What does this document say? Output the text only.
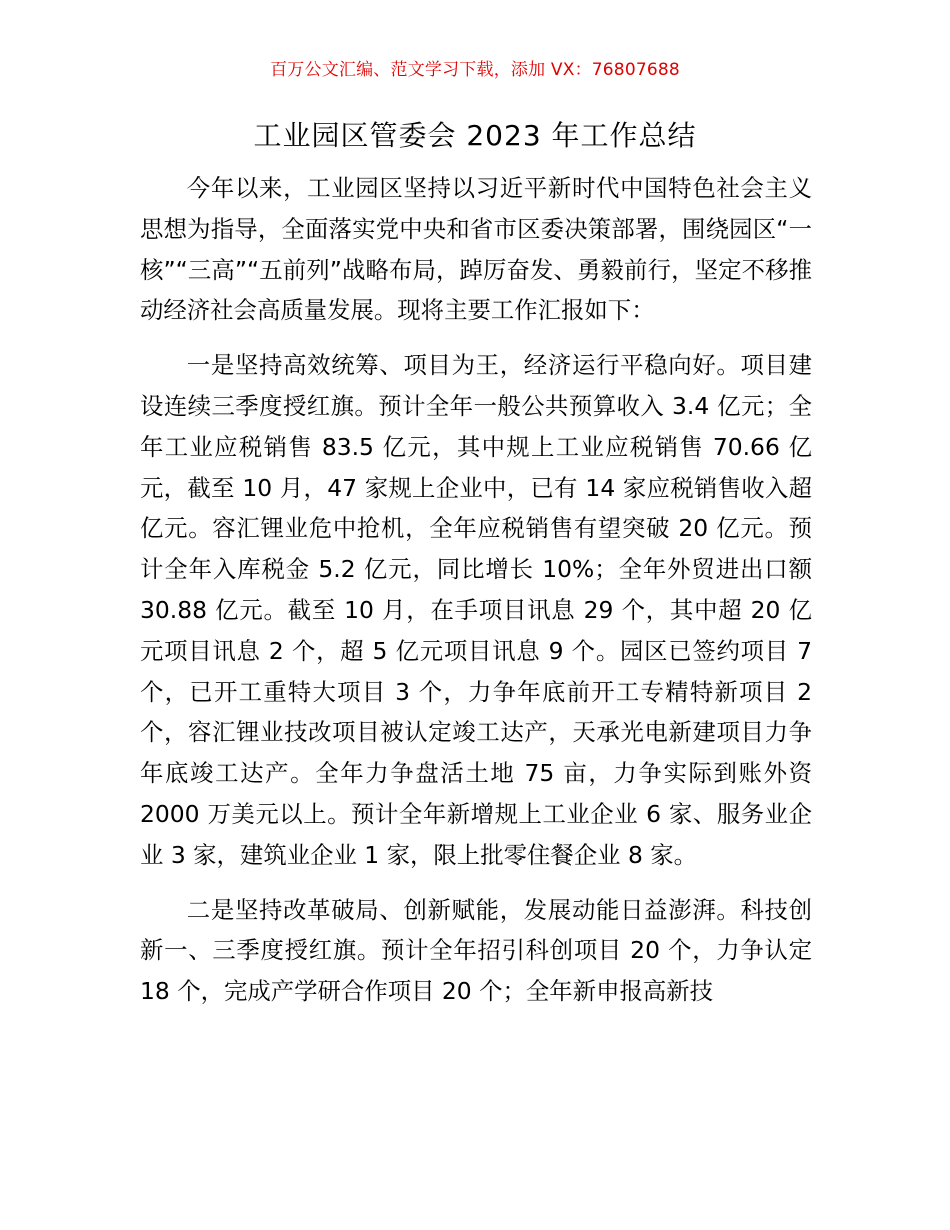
百万公文汇编、范文学习下载，添加 VX：76807688
工业园区管委会 2023 年工作总结

今年以来，工业园区坚持以习近平新时代中国特色社会主义思想为指导，全面落实党中央和省市区委决策部署，围绕园区“一核”“三高”“五前列”战略布局，踔厉奋发、勇毅前行，坚定不移推动经济社会高质量发展。现将主要工作汇报如下：

一是坚持高效统筹、项目为王，经济运行平稳向好。项目建设连续三季度授红旗。预计全年一般公共预算收入 3.4 亿元；全年工业应税销售 83.5 亿元，其中规上工业应税销售 70.66 亿元，截至 10 月，47 家规上企业中，已有 14 家应税销售收入超亿元。容汇锂业危中抢机，全年应税销售有望突破 20 亿元。预计全年入库税金 5.2 亿元，同比增长 10%；全年外贸进出口额 30.88 亿元。截至 10 月，在手项目讯息 29 个，其中超 20 亿元项目讯息 2 个，超 5 亿元项目讯息 9 个。园区已签约项目 7 个，已开工重特大项目 3 个，力争年底前开工专精特新项目 2 个，容汇锂业技改项目被认定竣工达产，天承光电新建项目力争年底竣工达产。全年力争盘活土地 75 亩，力争实际到账外资 2000 万美元以上。预计全年新增规上工业企业 6 家、服务业企业 3 家，建筑业企业 1 家，限上批零住餐企业 8 家。

二是坚持改革破局、创新赋能，发展动能日益澎湃。科技创新一、三季度授红旗。预计全年招引科创项目 20 个，力争认定 18 个，完成产学研合作项目 20 个；全年新申报高新技
